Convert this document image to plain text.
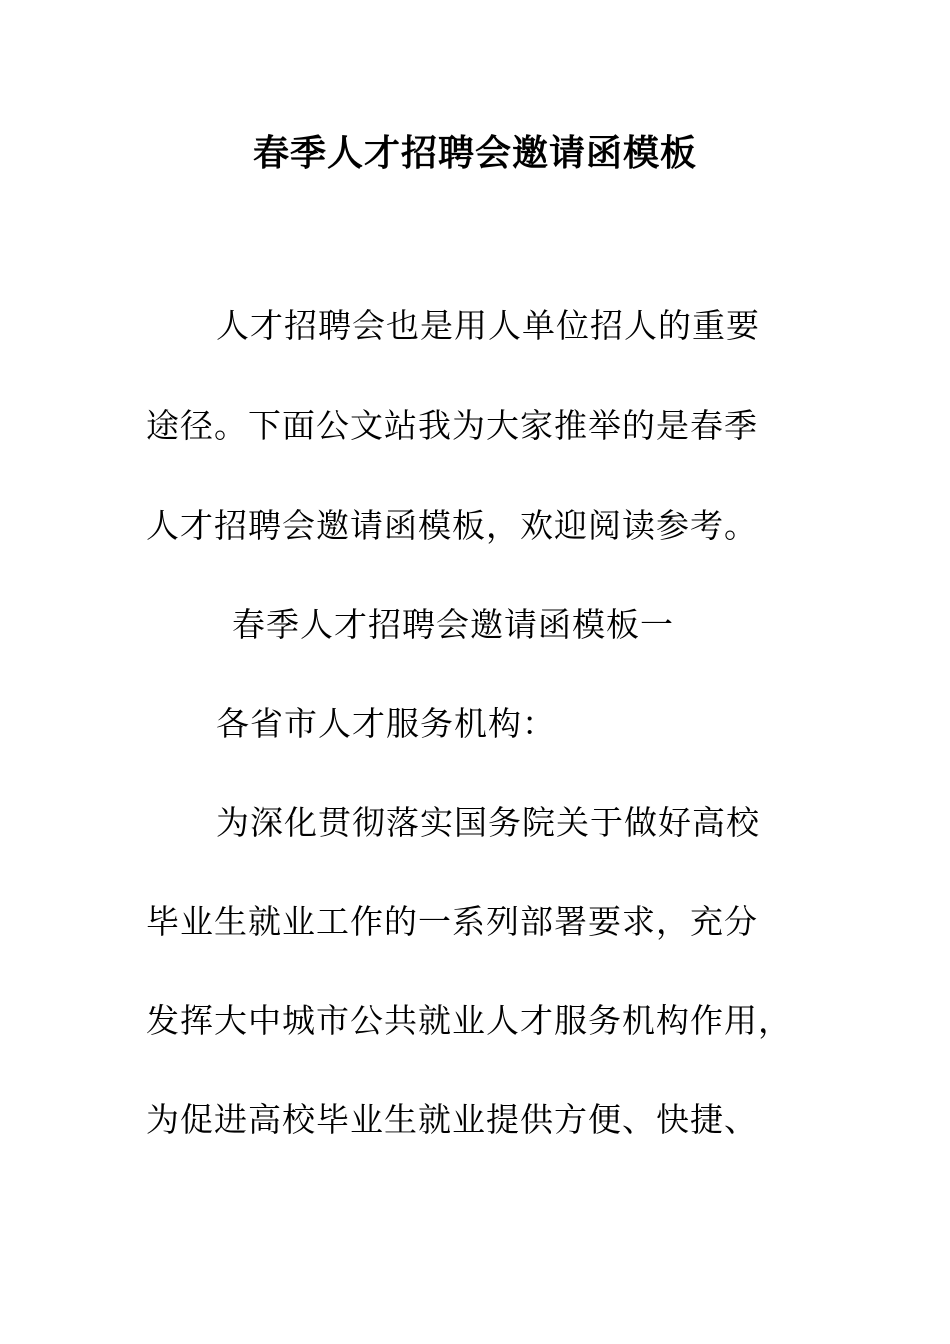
春季人才招聘会邀请函模板
人才招聘会也是用人单位招人的重要
途径。下面公文站我为大家推举的是春季
人才招聘会邀请函模板，欢迎阅读参考。
春季人才招聘会邀请函模板一
各省市人才服务机构：
为深化贯彻落实国务院关于做好高校
毕业生就业工作的一系列部署要求，充分
发挥大中城市公共就业人才服务机构作用，
为促进高校毕业生就业提供方便、快捷、
